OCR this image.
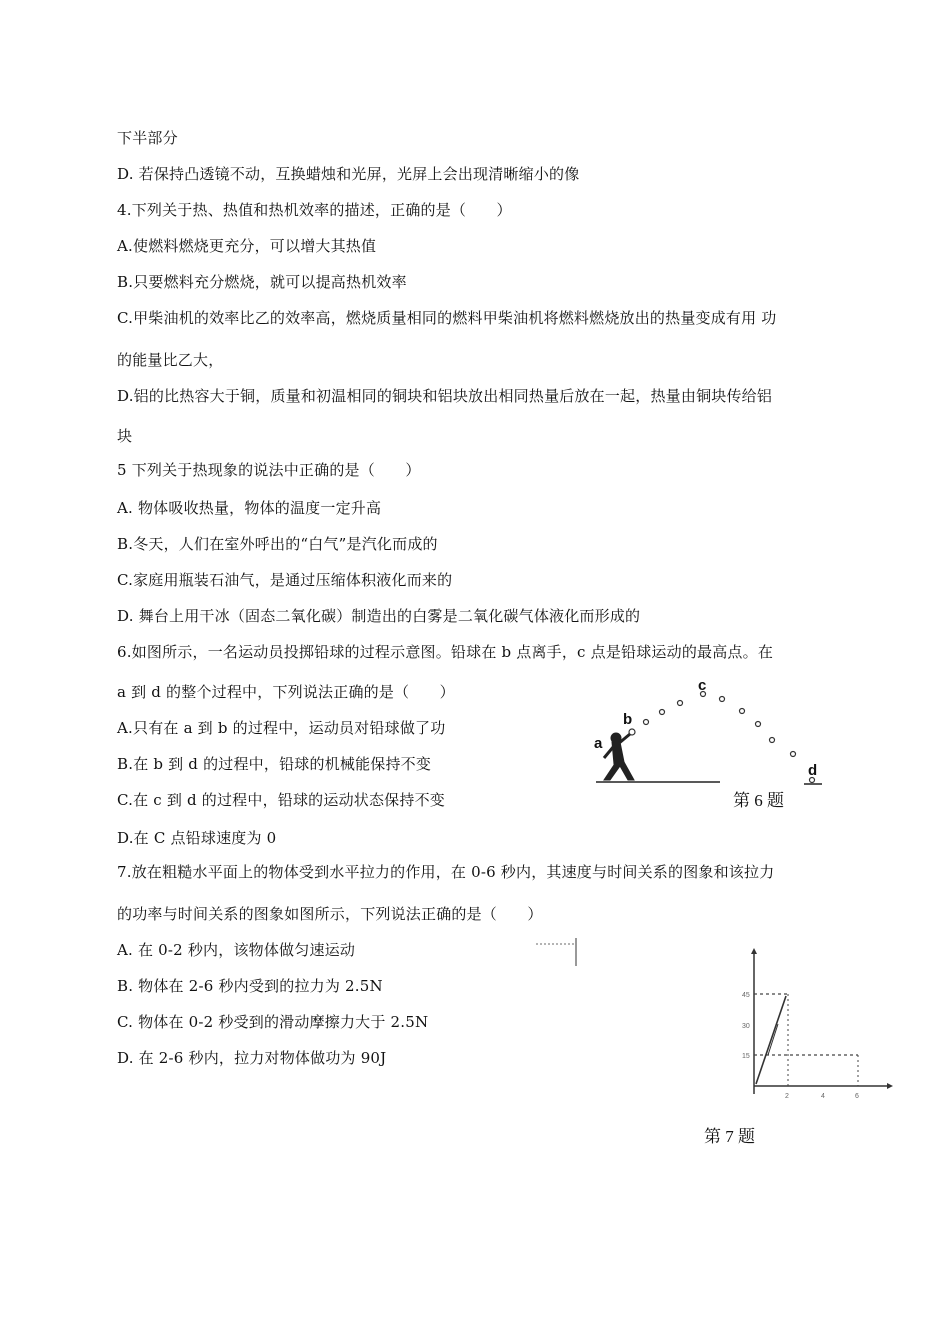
下半部分
D. 若保持凸透镜不动，互换蜡烛和光屏，光屏上会出现清晰缩小的像
4.下列关于热、热值和热机效率的描述，正确的是（　　）
A.使燃料燃烧更充分，可以增大其热值
B.只要燃料充分燃烧，就可以提高热机效率
C.甲柴油机的效率比乙的效率高，燃烧质量相同的燃料甲柴油机将燃料燃烧放出的热量变成有用 功
的能量比乙大，
D.铝的比热容大于铜，质量和初温相同的铜块和铝块放出相同热量后放在一起，热量由铜块传给铝
块
5 下列关于热现象的说法中正确的是（　　）
A. 物体吸收热量，物体的温度一定升高
B.冬天，人们在室外呼出的“白气”是汽化而成的
C.家庭用瓶装石油气，是通过压缩体积液化而来的
D. 舞台上用干冰（固态二氧化碳）制造出的白雾是二氧化碳气体液化而形成的
6.如图所示，一名运动员投掷铅球的过程示意图。铅球在 b 点离手，c 点是铅球运动的最高点。在
a 到 d 的整个过程中，下列说法正确的是（　　）
A.只有在 a 到 b 的过程中，运动员对铅球做了功
B.在 b 到 d 的过程中，铅球的机械能保持不变
C.在 c 到 d 的过程中，铅球的运动状态保持不变
D.在 C 点铅球速度为 0
7.放在粗糙水平面上的物体受到水平拉力的作用，在 0-6 秒内，其速度与时间关系的图象和该拉力
的功率与时间关系的图象如图所示，下列说法正确的是（　　）
A. 在 0-2 秒内，该物体做匀速运动
B. 物体在 2-6 秒内受到的拉力为 2.5N
C. 物体在 0-2 秒受到的滑动摩擦力大于 2.5N
D. 在 2-6 秒内，拉力对物体做功为 90J
a
b
c
d
第 6 题
45
30
15
2	4	6
第 7 题
